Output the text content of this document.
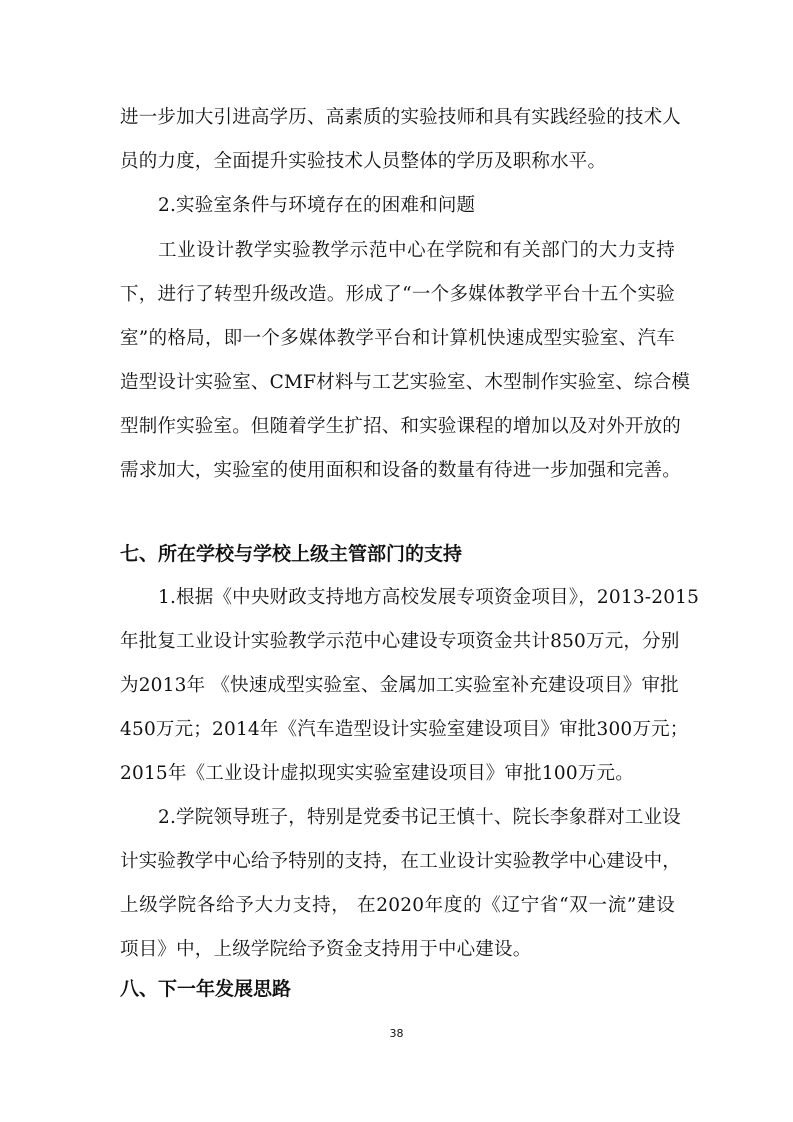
进一步加大引进高学历、高素质的实验技师和具有实践经验的技术人
员的力度，全面提升实验技术人员整体的学历及职称水平。
2.实验室条件与环境存在的困难和问题
工业设计教学实验教学示范中心在学院和有关部门的大力支持
下，进行了转型升级改造。形成了“一个多媒体教学平台十五个实验
室”的格局，即一个多媒体教学平台和计算机快速成型实验室、汽车
造型设计实验室、CMF材料与工艺实验室、木型制作实验室、综合模
型制作实验室。但随着学生扩招、和实验课程的增加以及对外开放的
需求加大，实验室的使用面积和设备的数量有待进一步加强和完善。
七、所在学校与学校上级主管部门的支持
1.根据《中央财政支持地方高校发展专项资金项目》，2013-2015
年批复工业设计实验教学示范中心建设专项资金共计850万元，分别
为2013年 《快速成型实验室、金属加工实验室补充建设项目》审批
450万元；2014年《汽车造型设计实验室建设项目》审批300万元；
2015年《工业设计虚拟现实实验室建设项目》审批100万元。
2.学院领导班子，特别是党委书记王慎十、院长李象群对工业设
计实验教学中心给予特别的支持，在工业设计实验教学中心建设中，
上级学院各给予大力支持， 在2020年度的《辽宁省“双一流”建设
项目》中，上级学院给予资金支持用于中心建设。
八、下一年发展思路
38
